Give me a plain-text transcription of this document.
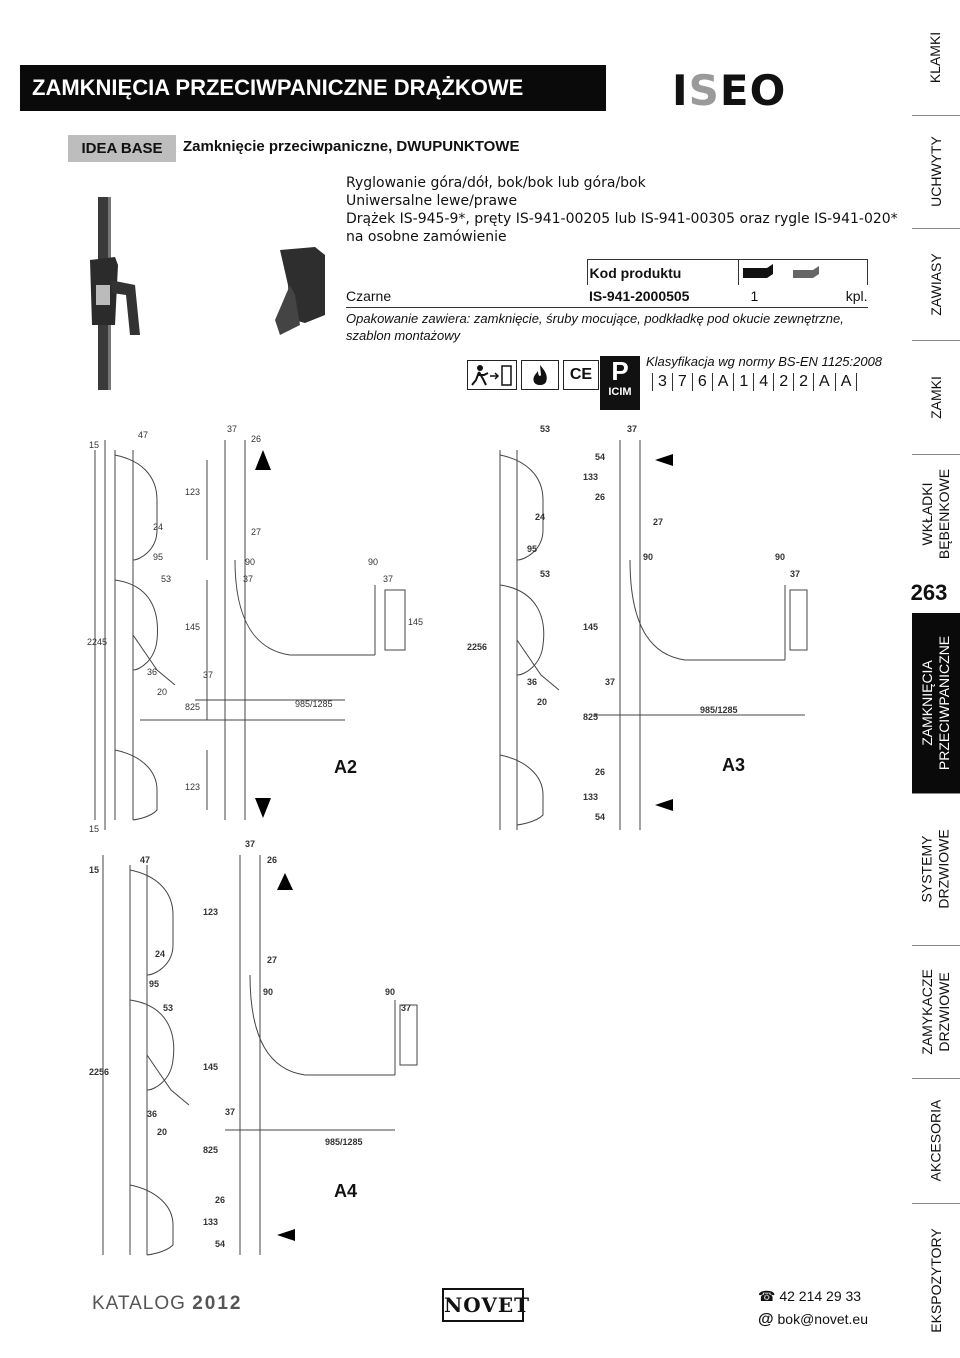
ZAMKNIĘCIA PRZECIWPANICZNE DRĄŻKOWE	ISEO
IDEA BASE	Zamknięcie przeciwpaniczne, DWUPUNKTOWE
Ryglowanie góra/dół, bok/bok lub góra/bok
Uniwersalne lewe/prawe
Drążek IS-945-9*, pręty IS-941-00205 lub IS-941-00305 oraz rygle IS-941-020*
na osobne zamówienie
	Kod produktu	
Czarne	IS-941-2000505	1 kpl.
Opakowanie zawiera: zamknięcie, śruby mocujące, podkładkę pod okucie zewnętrzne, szablon montażowy
CE P
ICIM
Klasyfikacja wg normy BS-EN 1125:2008
3 7 6 A 1 4 2 2 A A
47
37
26
15
123
24	27
95	90	90
53	37	37
145
2245
145
37
20
36
825	985/1285
123
15
A2
53	37
54
133
24
26
27
95
90	90
53	37
2256
145
36	37
20
825
985/1285
26
133
54
A3
37
47	26
15
123
27
24
95
90	90
53	37
2256	145
37
20
36
985/1285
825
26
133
54
A4
KLAMKI
UCHWYTY
ZAWIASY
ZAMKI
WKŁADKI BĘBENKOWE
ZAMKNIĘCIA PRZECIWPANICZNE
SYSTEMY DRZWIOWE
ZAMYKACZE DRZWIOWE
AKCESORIA
EKSPOZYTORY
263
KATALOG 2012	NOVET	☎ 42 214 29 33
@ bok@novet.eu
